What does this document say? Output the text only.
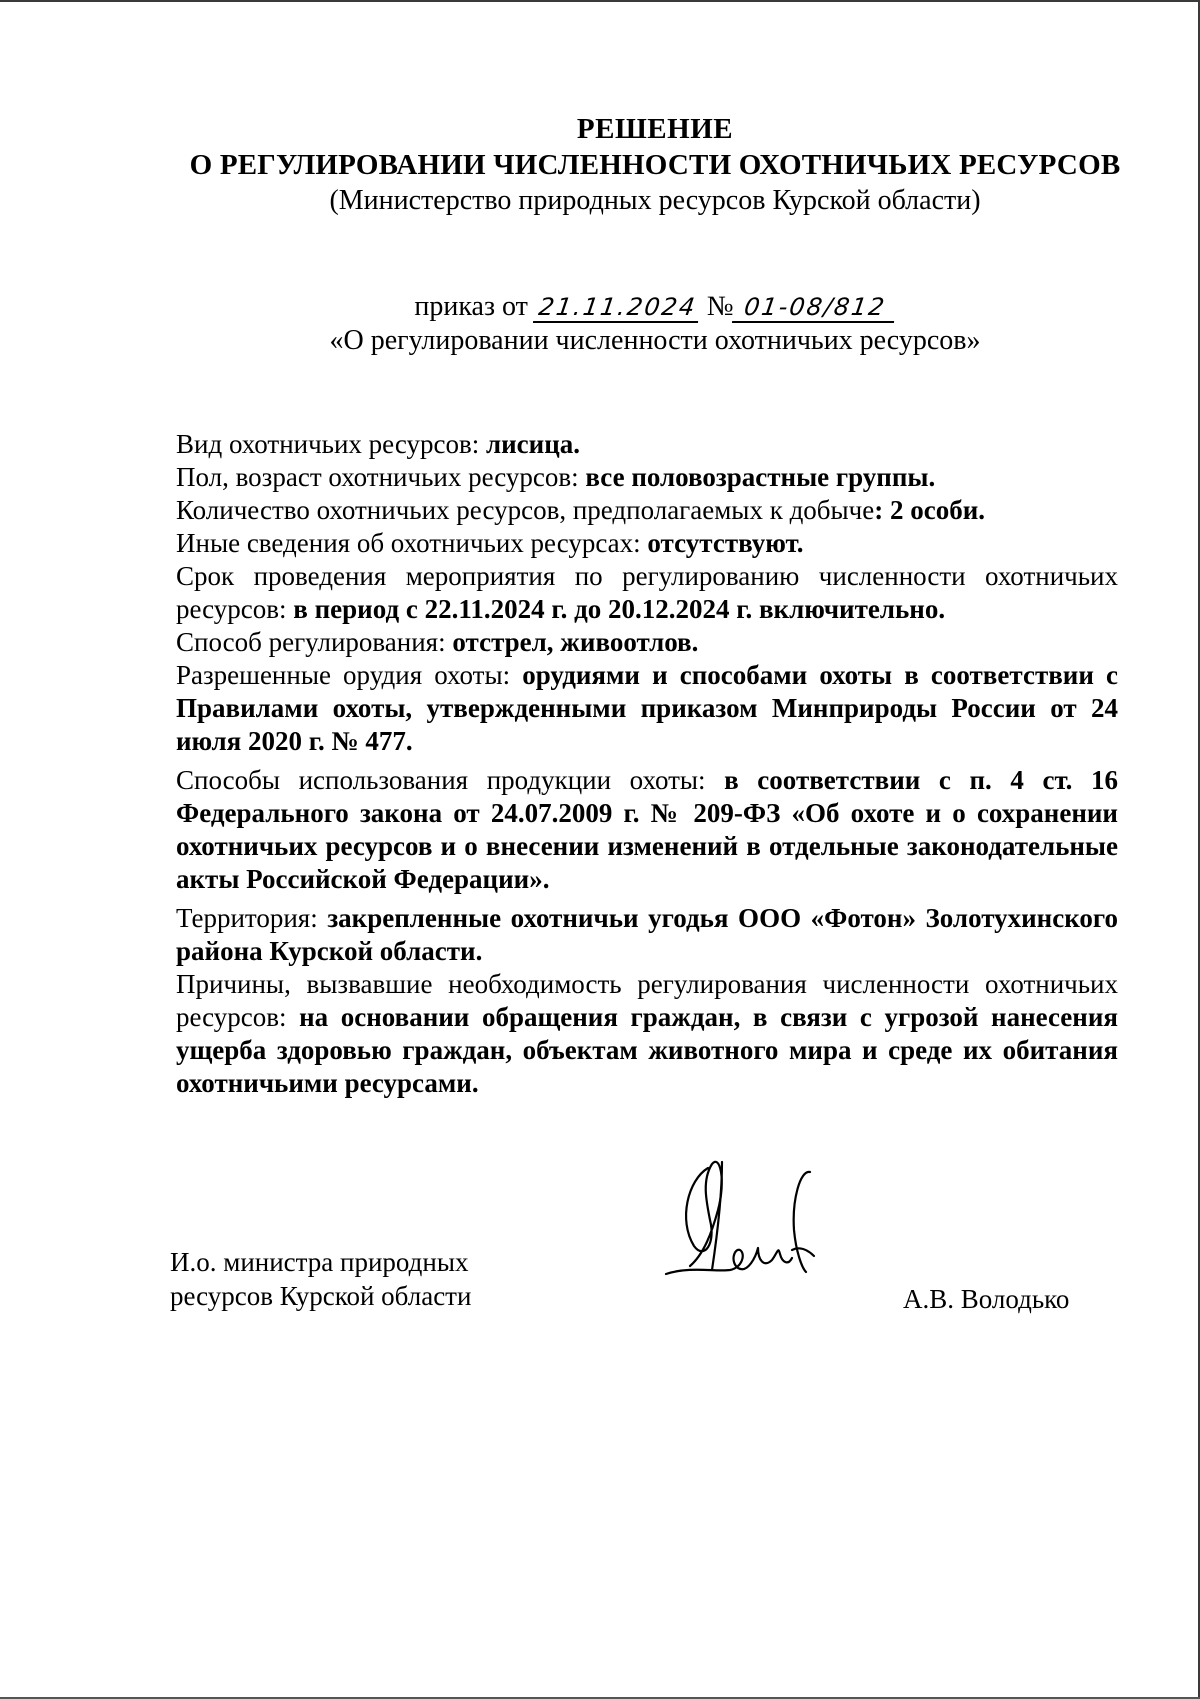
РЕШЕНИЕ
О РЕГУЛИРОВАНИИ ЧИСЛЕННОСТИ ОХОТНИЧЬИХ РЕСУРСОВ
(Министерство природных ресурсов Курской области)
приказ от 21.11.2024 № 01-08/812
«О регулировании численности охотничьих ресурсов»
Вид охотничьих ресурсов: лисица.
Пол, возраст охотничьих ресурсов: все половозрастные группы.
Количество охотничьих ресурсов, предполагаемых к добыче: 2 особи.
Иные сведения об охотничьих ресурсах: отсутствуют.
Срок проведения мероприятия по регулированию численности охотничьих ресурсов: в период с 22.11.2024 г. до 20.12.2024 г. включительно.
Способ регулирования: отстрел, живоотлов.
Разрешенные орудия охоты: орудиями и способами охоты в соответствии с Правилами охоты, утвержденными приказом Минприроды России от 24 июля 2020 г. № 477.
Способы использования продукции охоты: в соответствии с п. 4 ст. 16 Федерального закона от 24.07.2009 г. № 209-ФЗ «Об охоте и о сохранении охотничьих ресурсов и о внесении изменений в отдельные законодательные акты Российской Федерации».
Территория: закрепленные охотничьи угодья ООО «Фотон» Золотухинского района Курской области.
Причины, вызвавшие необходимость регулирования численности охотничьих ресурсов: на основании обращения граждан, в связи с угрозой нанесения ущерба здоровью граждан, объектам животного мира и среде их обитания охотничьими ресурсами.
И.о. министра природных
ресурсов Курской области	А.В. Володько
